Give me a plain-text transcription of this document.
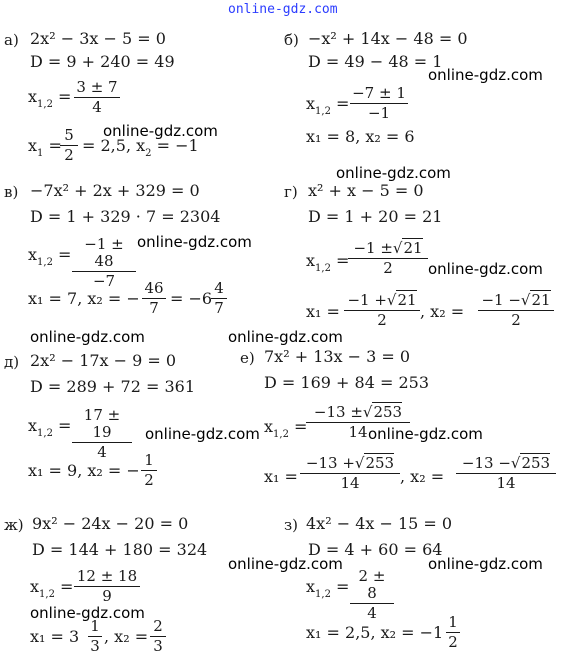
online-gdz.com
online-gdz.com
online-gdz.com
online-gdz.com
online-gdz.com
online-gdz.com
online-gdz.com	online-gdz.com
online-gdz.com	online-gdz.com
online-gdz.com	online-gdz.com
online-gdz.com
а) 2x² − 3x − 5 = 0
D = 9 + 240 = 49
$x_{1,2} = 3 \pm 7$
4
$x_1$ =
5
2 = 2,5, $x_2 = -1$
б) −x² + 14x − 48 = 0
D = 49 − 48 = 1
$x_{1,2}$ =
−7 ± 1
−1
x₁ = 8, x₂ = 6
в) −7x² + 2x + 329 = 0
D = 1 + 329 · 7 = 2304
$x_{1,2}$ =
−1 ± 48
−7
x₁ = 7, x₂ = −
46
7 = −6
4
7
г) x² + x − 5 = 0
D = 1 + 20 = 21
$x_{1,2}$ =
−1 ±√21
2
x₁ =
−1 +√21
2	, x₂ =
−1 −√21
2
д) 2x² − 17x − 9 = 0
D = 289 + 72 = 361
$x_{1,2}$ =
17 ± 19
4
x₁ = 9, x₂ = −
1
2
е) 7x² + 13x − 3 = 0
D = 169 + 84 = 253
$x_{1,2}$ =
−13 ±√253
14
x₁ =
−13 +√253
14	, x₂ =
−13 −√253
14
ж) 9x² − 24x − 20 = 0
D = 144 + 180 = 324
$x_{1,2}$ =
12 ± 18
9
x₁ = 3
1
3 , x₂ =
2
3
з) 4x² − 4x − 15 = 0
D = 4 + 60 = 64
$x_{1,2}$ =
2 ± 8
4
x₁ = 2,5, x₂ = −1
1
2
